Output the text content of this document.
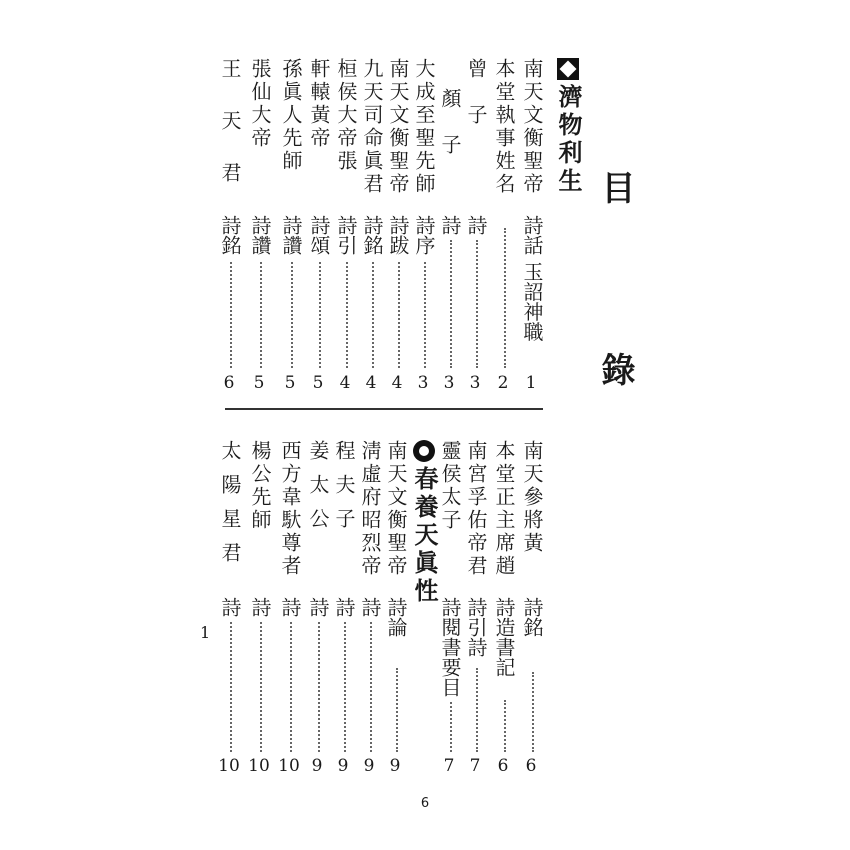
目錄
濟物利生
南天文衡聖帝
詩話 玉詔神職
1
本堂執事姓名
2
曾　子
詩
3
顏　子
詩
3
大成至聖先師
詩序
3
南天文衡聖帝
詩跋
4
九天司命眞君
詩銘
4
桓侯大帝張
詩引
4
軒轅黃帝
詩頌
5
孫眞人先師
詩讚
5
張仙大帝
詩讚
5
王天君
詩銘
6
南天參將黃
詩銘
6
本堂正主席趙
詩造書記
6
南宮孚佑帝君
詩引詩
7
靈侯太子
詩閱書要目
7
春養天眞性
南天文衡聖帝
詩論
9
淸虛府昭烈帝
詩
9
程夫子
詩
9
姜太公
詩
9
西方韋馱尊者
詩
10
楊公先師
詩
10
太陽星君
詩
10
1
6
